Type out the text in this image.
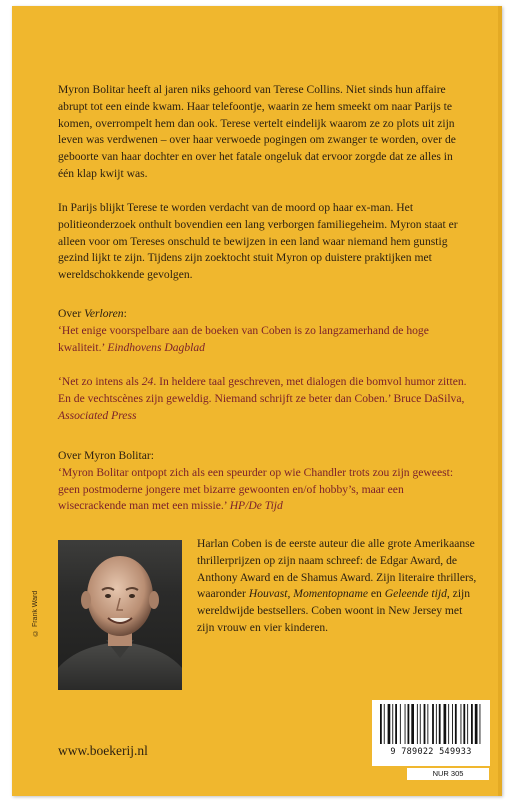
Myron Bolitar heeft al jaren niks gehoord van Terese Collins. Niet sinds hun affaire abrupt tot een einde kwam. Haar telefoontje, waarin ze hem smeekt om naar Parijs te komen, overrompelt hem dan ook. Terese vertelt eindelijk waarom ze zo plots uit zijn leven was verdwenen – over haar verwoede pogingen om zwanger te worden, over de geboorte van haar dochter en over het fatale ongeluk dat ervoor zorgde dat ze alles in één klap kwijt was.

In Parijs blijkt Terese te worden verdacht van de moord op haar ex-man. Het politieonderzoek onthult bovendien een lang verborgen familiegeheim. Myron staat er alleen voor om Tereses onschuld te bewijzen in een land waar niemand hem gunstig gezind lijkt te zijn. Tijdens zijn zoektocht stuit Myron op duistere praktijken met wereldschokkende gevolgen.

Over Verloren:

‘Het enige voorspelbare aan de boeken van Coben is zo langzamerhand de hoge kwaliteit.’ Eindhovens Dagblad

‘Net zo intens als 24. In heldere taal geschreven, met dialogen die bomvol humor zitten. En de vechtscènes zijn geweldig. Niemand schrijft ze beter dan Coben.’ Bruce DaSilva, Associated Press

Over Myron Bolitar:

‘Myron Bolitar ontpopt zich als een speurder op wie Chandler trots zou zijn geweest: geen postmoderne jongere met bizarre gewoonten en/of hobby’s, maar een wisecrackende man met een missie.’ HP/De Tijd

© Frank Ward

Harlan Coben is de eerste auteur die alle grote Amerikaanse thrillerprijzen op zijn naam schreef: de Edgar Award, de Anthony Award en de Shamus Award. Zijn literaire thrillers, waaronder Houvast, Momentopname en Geleende tijd, zijn wereldwijde bestsellers. Coben woont in New Jersey met zijn vrouw en vier kinderen.

www.boekerij.nl	9 789022 549933
NUR 305
